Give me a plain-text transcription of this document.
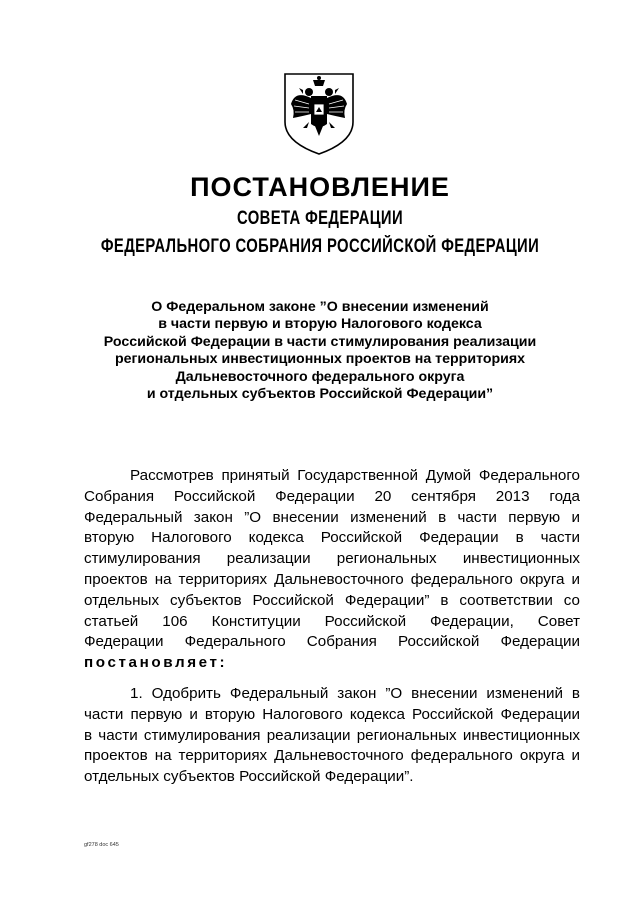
ПОСТАНОВЛЕНИЕ
СОВЕТА ФЕДЕРАЦИИ
ФЕДЕРАЛЬНОГО СОБРАНИЯ РОССИЙСКОЙ ФЕДЕРАЦИИ
О Федеральном законе ”О внесении изменений
в части первую и вторую Налогового кодекса
Российской Федерации в части стимулирования реализации
региональных инвестиционных проектов на территориях
Дальневосточного федерального округа
и отдельных субъектов Российской Федерации”
Рассмотрев принятый Государственной Думой Федерального
Собрания Российской Федерации 20 сентября 2013 года
Федеральный закон ”О внесении изменений в части первую и
вторую Налогового кодекса Российской Федерации в части
стимулирования реализации региональных инвестиционных
проектов на территориях Дальневосточного федерального округа и
отдельных субъектов Российской Федерации” в соответствии со
статьей 106 Конституции Российской Федерации, Совет
Федерации Федерального Собрания Российской Федерации
постановляет:
1. Одобрить Федеральный закон ”О внесении изменений в
части первую и вторую Налогового кодекса Российской Федерации
в части стимулирования реализации региональных инвестиционных
проектов на территориях Дальневосточного федерального округа и
отдельных субъектов Российской Федерации”.
gf278 doc 645
